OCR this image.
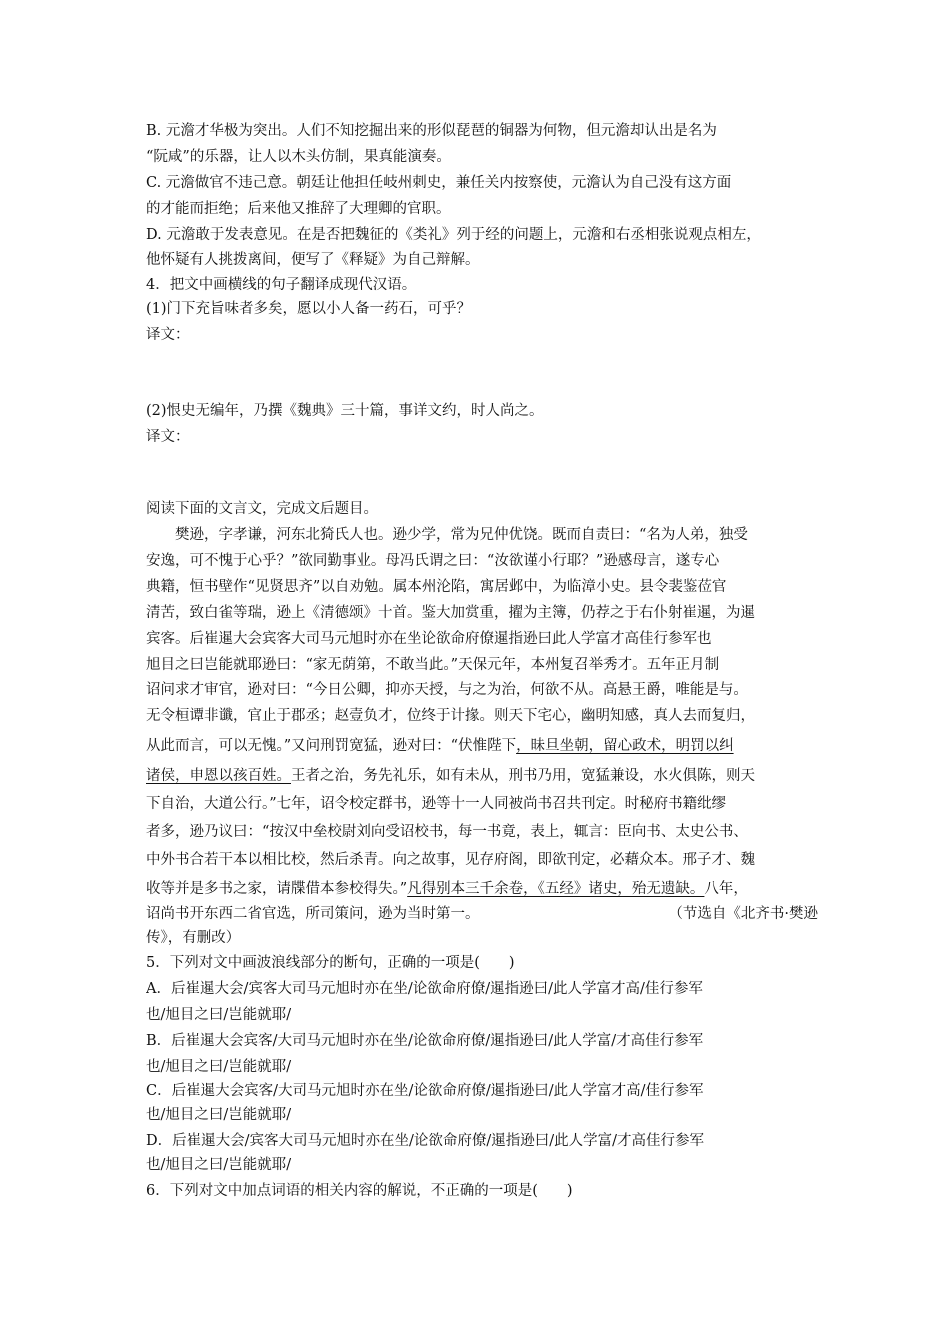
B. 元澹才华极为突出。人们不知挖掘出来的形似琵琶的铜器为何物，但元澹却认出是名为
“阮咸”的乐器，让人以木头仿制，果真能演奏。
C. 元澹做官不违己意。朝廷让他担任岐州刺史，兼任关内按察使，元澹认为自己没有这方面
的才能而拒绝；后来他又推辞了大理卿的官职。
D. 元澹敢于发表意见。在是否把魏征的《类礼》列于经的问题上，元澹和右丞相张说观点相左，
他怀疑有人挑拨离间，便写了《释疑》为自己辩解。
4．把文中画横线的句子翻译成现代汉语。
(1)门下充旨味者多矣，愿以小人备一药石，可乎？
译文：
(2)恨史无编年，乃撰《魏典》三十篇，事详文约，时人尚之。
译文：
阅读下面的文言文，完成文后题目。
樊逊，字孝谦，河东北猗氏人也。逊少学，常为兄仲优饶。既而自责曰：“名为人弟，独受
安逸，可不愧于心乎？”欲同勤事业。母冯氏谓之曰：“汝欲谨小行耶？”逊感母言，遂专心
典籍，恒书壁作“见贤思齐”以自劝勉。属本州沦陷，寓居邺中，为临漳小史。县令裴鉴莅官
清苦，致白雀等瑞，逊上《清德颂》十首。鉴大加赏重，擢为主簿，仍荐之于右仆射崔暹，为暹
宾客。后崔暹大会宾客大司马元旭时亦在坐论欲命府僚暹指逊曰此人学富才高佳行参军也
旭目之曰岂能就耶逊曰：“家无荫第，不敢当此。”天保元年，本州复召举秀才。五年正月制
诏问求才审官，逊对曰：“今日公卿，抑亦天授，与之为治，何欲不从。高悬王爵，唯能是与。
无令桓谭非谶，官止于郡丞；赵壹负才，位终于计掾。则天下宅心，幽明知感，真人去而复归，
从此而言，可以无愧。”又问刑罚宽猛，逊对曰：“伏惟陛下，昧旦坐朝，留心政术，明罚以纠
诸侯，申恩以孩百姓。王者之治，务先礼乐，如有未从，刑书乃用，宽猛兼设，水火俱陈，则天
下自治，大道公行。”七年，诏令校定群书，逊等十一人同被尚书召共刊定。时秘府书籍纰缪
者多，逊乃议曰：“按汉中垒校尉刘向受诏校书，每一书竟，表上，辄言：臣向书、太史公书、
中外书合若干本以相比校，然后杀青。向之故事，见存府阁，即欲刊定，必藉众本。邢子才、魏
收等并是多书之家，请牒借本参校得失。”凡得别本三千余卷，《五经》诸史，殆无遗缺。八年，
诏尚书开东西二省官选，所司策问，逊为当时第一。	（节选自《北齐书·樊逊
传》，有删改）
5．下列对文中画波浪线部分的断句，正确的一项是(　　)
A．后崔暹大会/宾客大司马元旭时亦在坐/论欲命府僚/暹指逊曰/此人学富才高/佳行参军
也/旭目之曰/岂能就耶/
B．后崔暹大会宾客/大司马元旭时亦在坐/论欲命府僚/暹指逊曰/此人学富/才高佳行参军
也/旭目之曰/岂能就耶/
C．后崔暹大会宾客/大司马元旭时亦在坐/论欲命府僚/暹指逊曰/此人学富才高/佳行参军
也/旭目之曰/岂能就耶/
D．后崔暹大会/宾客大司马元旭时亦在坐/论欲命府僚/暹指逊曰/此人学富/才高佳行参军
也/旭目之曰/岂能就耶/
6．下列对文中加点词语的相关内容的解说，不正确的一项是(　　)
